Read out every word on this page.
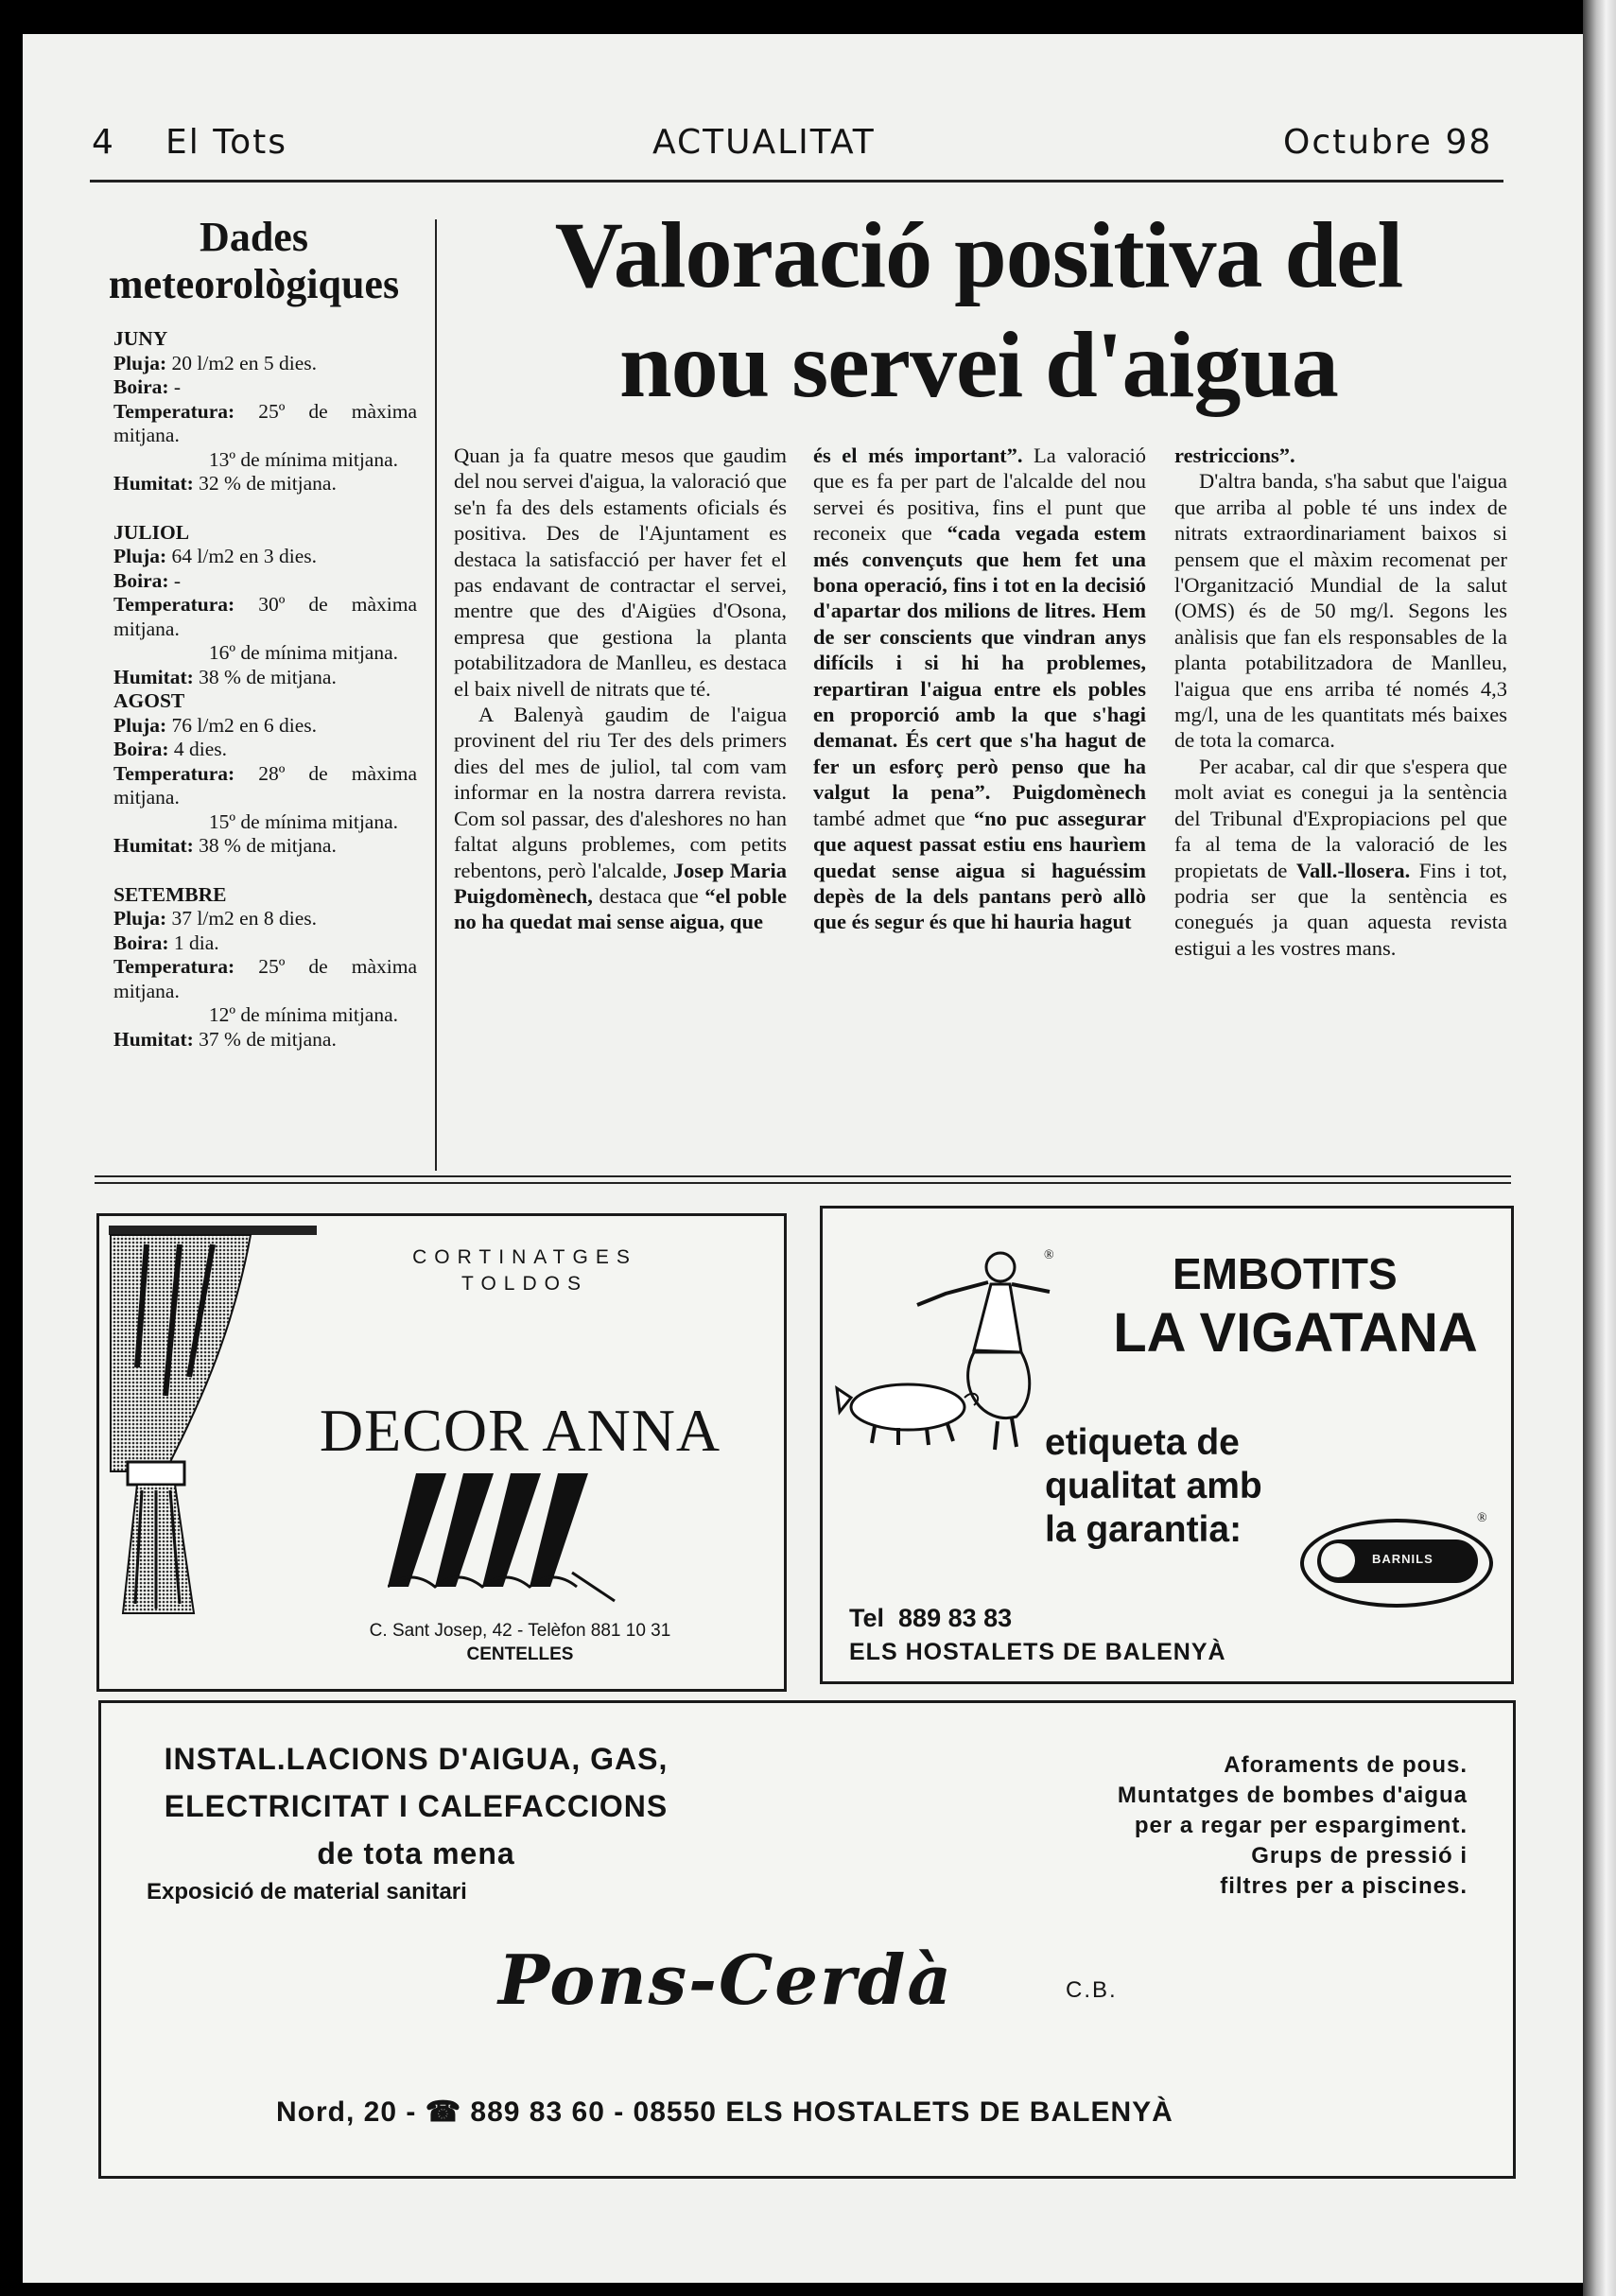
4 El Tots	ACTUALITAT	Octubre 98
Dades meteorològiques
JUNY
Pluja: 20 l/m2 en 5 dies.
Boira: -
Temperatura: 25º de màxima mitjana.
13º de mínima mitjana.
Humitat: 32 % de mitjana.
JULIOL
Pluja: 64 l/m2 en 3 dies.
Boira: -
Temperatura: 30º de màxima mitjana.
16º de mínima mitjana.
Humitat: 38 % de mitjana.
AGOST
Pluja: 76 l/m2 en 6 dies.
Boira: 4 dies.
Temperatura: 28º de màxima mitjana.
15º de mínima mitjana.
Humitat: 38 % de mitjana.
SETEMBRE
Pluja: 37 l/m2 en 8 dies.
Boira: 1 dia.
Temperatura: 25º de màxima mitjana.
12º de mínima mitjana.
Humitat: 37 % de mitjana.
Valoració positiva del
nou servei d'aigua

Quan ja fa quatre mesos que gaudim del nou servei d'aigua, la valoració que se'n fa des dels estaments oficials és positiva. Des de l'Ajuntament es destaca la satisfacció per haver fet el pas endavant de contractar el servei, mentre que des d'Aigües d'Osona, empresa que gestiona la planta potabilitzadora de Manlleu, es destaca el baix nivell de nitrats que té.

A Balenyà gaudim de l'aigua provinent del riu Ter des dels primers dies del mes de juliol, tal com vam informar en la nostra darrera revista. Com sol passar, des d'aleshores no han faltat alguns problemes, com petits rebentons, però l'alcalde, Josep Maria Puigdomènech, destaca que “el poble no ha quedat mai sense aigua, que

és el més important”. La valoració que es fa per part de l'alcalde del nou servei és positiva, fins el punt que reconeix que “cada vegada estem més convençuts que hem fet una bona operació, fins i tot en la decisió d'apartar dos milions de litres. Hem de ser conscients que vindran anys difícils i si hi ha problemes, repartiran l'aigua entre els pobles en proporció amb la que s'hagi demanat. És cert que s'ha hagut de fer un esforç però penso que ha valgut la pena”. Puigdomènech també admet que “no puc assegurar que aquest passat estiu ens haurìem quedat sense aigua si haguéssim depès de la dels pantans però allò que és segur és que hi hauria hagut

restriccions”.

D'altra banda, s'ha sabut que l'aigua que arriba al poble té uns index de nitrats extraordinariament baixos si pensem que el màxim recomenat per l'Organització Mundial de la salut (OMS) és de 50 mg/l. Segons les anàlisis que fan els responsables de la planta potabilitzadora de Manlleu, l'aigua que ens arriba té només 4,3 mg/l, una de les quantitats més baixes de tota la comarca.

Per acabar, cal dir que s'espera que molt aviat es conegui ja la sentència del Tribunal d'Expropiacions pel que fa al tema de la valoració de les propietats de Vall.-llosera. Fins i tot, podria ser que la sentència es conegués ja quan aquesta revista estigui a les vostres mans.

CORTINATGES
TOLDOS
DECOR ANNA
C. Sant Josep, 42 - Telèfon 881 10 31
CENTELLES
®	EMBOTITS
LA VIGATANA
etiqueta de
qualitat amb
la garantia:
BARNILS
®
Tel 889 83 83
ELS HOSTALETS DE BALENYÀ
INSTAL.LACIONS D'AIGUA, GAS,
ELECTRICITAT I CALEFACCIONS
de tota mena
Exposició de material sanitari
Aforaments de pous.
Muntatges de bombes d'aigua
per a regar per espargiment.
Grups de pressió i
filtres per a piscines.
Pons-Cerdà	C.B.
Nord, 20 - ☎ 889 83 60 - 08550 ELS HOSTALETS DE BALENYÀ
